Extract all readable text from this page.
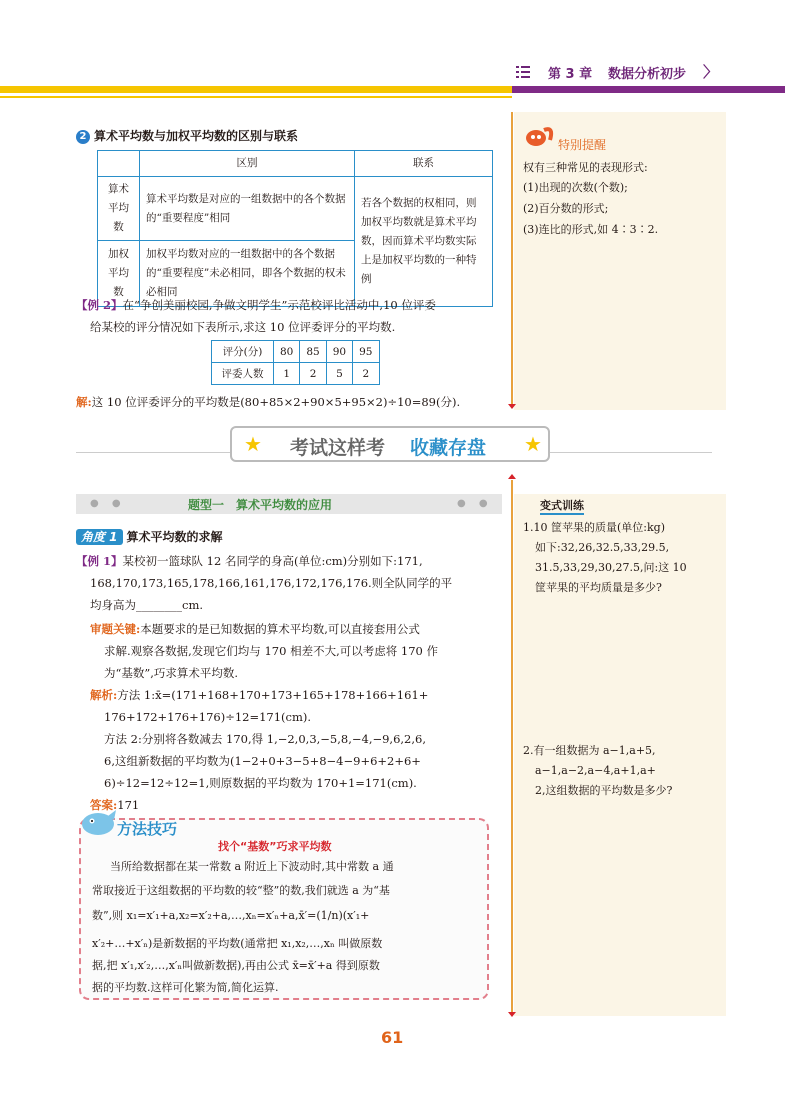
第 3 章 数据分析初步 〉
特别提醒
权有三种常见的表现形式:
(1)出现的次数(个数);
(2)百分数的形式;
(3)连比的形式,如 4∶3∶2.
2 算术平均数与加权平均数的区别与联系
	区别	联系
算术平均数	算术平均数是对应的一组数据中的各个数据的“重要程度”相同	若各个数据的权相同，则加权平均数就是算术平均数，因而算术平均数实际上是加权平均数的一种特例
加权平均数	加权平均数对应的一组数据中的各个数据的“重要程度”未必相同，即各个数据的权未必相同	
【例 2】在“争创美丽校园,争做文明学生”示范校评比活动中,10 位评委
给某校的评分情况如下表所示,求这 10 位评委评分的平均数.
评分(分)	80	85	90	95
评委人数	1	2	5	2
解:这 10 位评委评分的平均数是(80+85×2+90×5+95×2)÷10=89(分).
★	★
考试这样考 收藏存盘
● ●	● ●
题型一　算术平均数的应用
角度 1 算术平均数的求解
【例 1】某校初一篮球队 12 名同学的身高(单位:cm)分别如下:171,
168,170,173,165,178,166,161,176,172,176,176.则全队同学的平
均身高为________cm.
审题关键:本题要求的是已知数据的算术平均数,可以直接套用公式
求解.观察各数据,发现它们均与 170 相差不大,可以考虑将 170 作
为“基数”,巧求算术平均数.
解析:方法 1:x̄=(171+168+170+173+165+178+166+161+
176+172+176+176)÷12=171(cm).
方法 2:分别将各数减去 170,得 1,−2,0,3,−5,8,−4,−9,6,2,6,
6,这组新数据的平均数为(1−2+0+3−5+8−4−9+6+2+6+
6)÷12=12÷12=1,则原数据的平均数为 170+1=171(cm).
答案:171
方法技巧
找个“基数”巧求平均数
当所给数据都在某一常数 a 附近上下波动时,其中常数 a 通
常取接近于这组数据的平均数的较“整”的数,我们就选 a 为“基
数”,则 x₁=x′₁+a,x₂=x′₂+a,…,xₙ=x′ₙ+a,x̄′=(1/n)(x′₁+
x′₂+…+x′ₙ)是新数据的平均数(通常把 x₁,x₂,…,xₙ 叫做原数
据,把 x′₁,x′₂,…,x′ₙ叫做新数据),再由公式 x̄=x̄′+a 得到原数
据的平均数.这样可化繁为简,简化运算.
变式训练
1.10 筐苹果的质量(单位:kg)
如下:32,26,32.5,33,29.5,
31.5,33,29,30,27.5,问:这 10
筐苹果的平均质量是多少?
2.有一组数据为 a−1,a+5,
a−1,a−2,a−4,a+1,a+
2,这组数据的平均数是多少?
61
